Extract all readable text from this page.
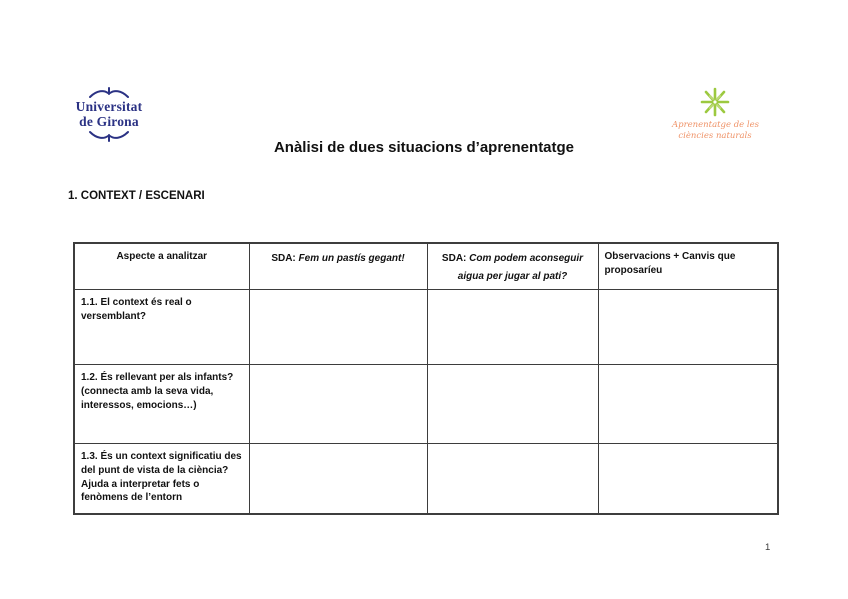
Universitat
de Girona	Aprenentatge de les
ciències naturals
Anàlisi de dues situacions d’aprenentatge
1. CONTEXT / ESCENARI
Aspecte a analitzar	SDA: Fem un pastís gegant!	SDA: Com podem aconseguir aigua per jugar al pati?	Observacions + Canvis que proposaríeu
1.1. El context és real o versemblant?			
1.2. És rellevant per als infants? (connecta amb la seva vida, interessos, emocions…)			
1.3. És un context significatiu des del punt de vista de la ciència? Ajuda a interpretar fets o fenòmens de l’entorn			
1
